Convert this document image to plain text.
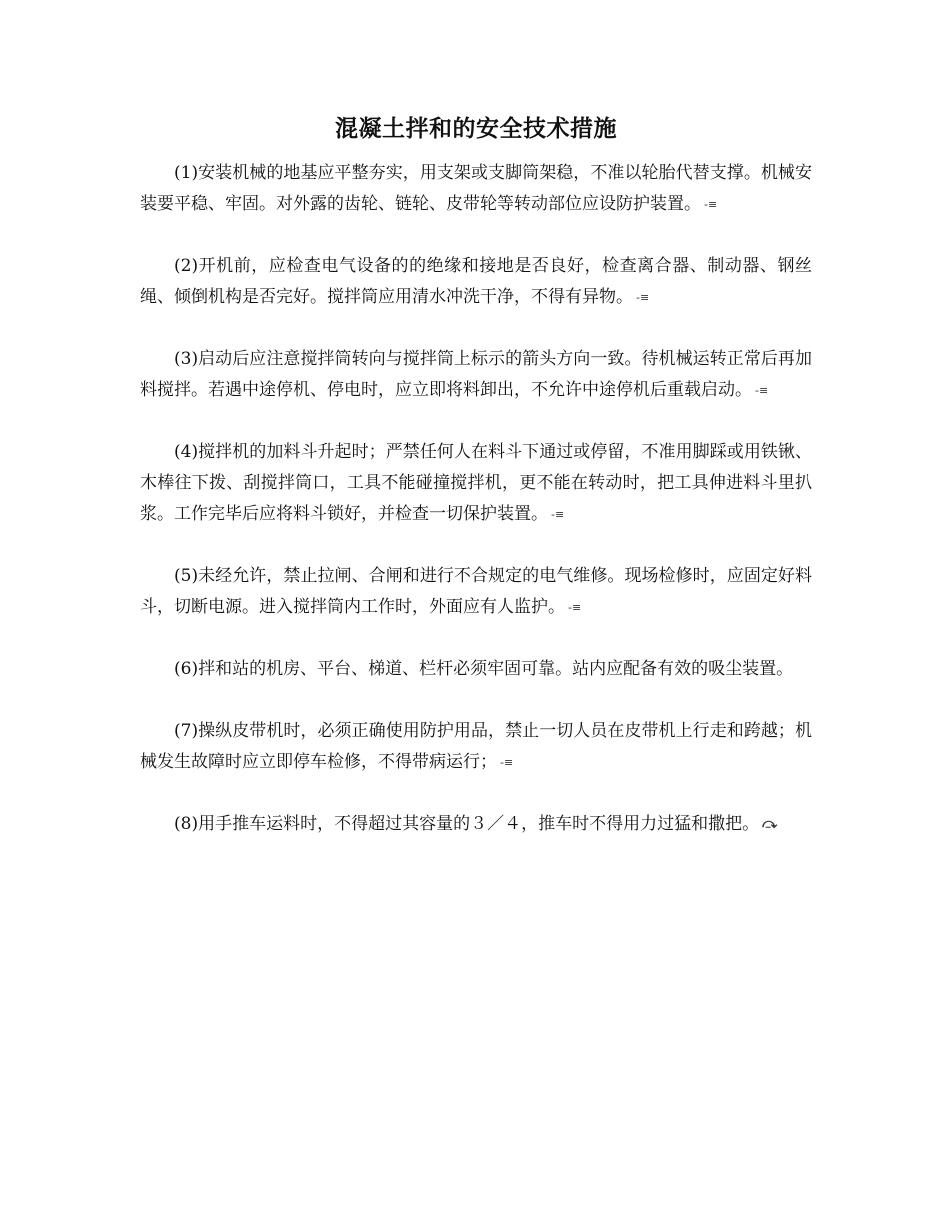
混凝土拌和的安全技术措施

(1)安装机械的地基应平整夯实，用支架或支脚筒架稳，不准以轮胎代替支撑。机械安装要平稳、牢固。对外露的齿轮、链轮、皮带轮等转动部位应设防护装置。 -≡

(2)开机前，应检查电气设备的的绝缘和接地是否良好，检查离合器、制动器、钢丝绳、倾倒机构是否完好。搅拌筒应用清水冲洗干净，不得有异物。 -≡

(3)启动后应注意搅拌筒转向与搅拌筒上标示的箭头方向一致。待机械运转正常后再加料搅拌。若遇中途停机、停电时，应立即将料卸出，不允许中途停机后重载启动。 -≡

(4)搅拌机的加料斗升起时；严禁任何人在料斗下通过或停留，不准用脚踩或用铁锹、木棒往下拨、刮搅拌筒口，工具不能碰撞搅拌机，更不能在转动时，把工具伸进料斗里扒浆。工作完毕后应将料斗锁好，并检查一切保护装置。 -≡

(5)未经允许，禁止拉闸、合闸和进行不合规定的电气维修。现场检修时，应固定好料斗，切断电源。进入搅拌筒内工作时，外面应有人监护。 -≡

(6)拌和站的机房、平台、梯道、栏杆必须牢固可靠。站内应配备有效的吸尘装置。

(7)操纵皮带机时，必须正确使用防护用品，禁止一切人员在皮带机上行走和跨越；机械发生故障时应立即停车检修，不得带病运行； -≡

(8)用手推车运料时，不得超过其容量的３／４，推车时不得用力过猛和撒把。 ⤼
